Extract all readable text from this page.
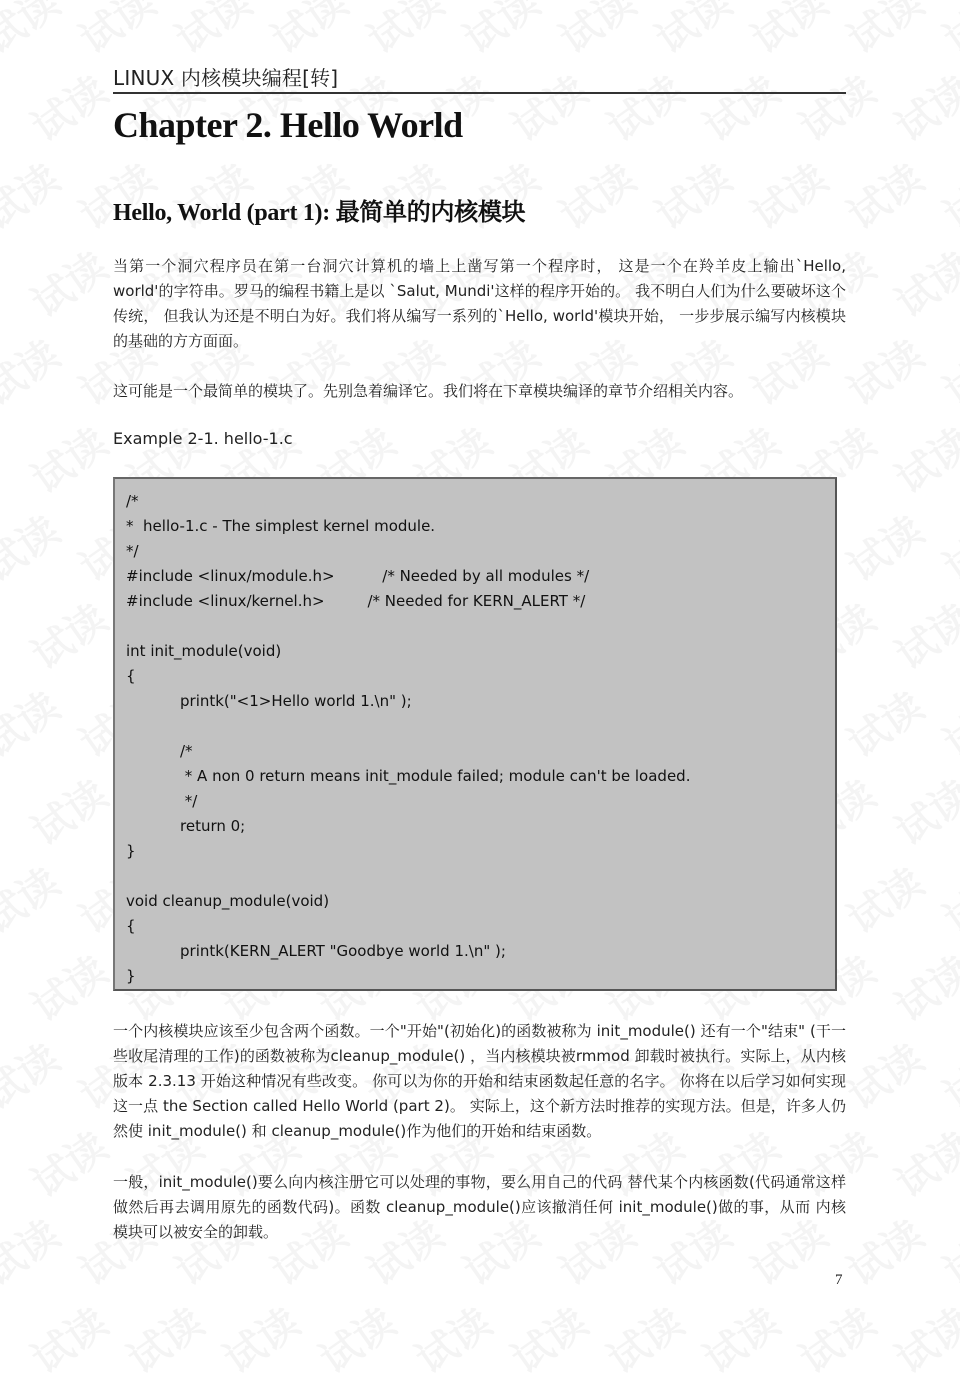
LINUX 内核模块编程[转]
Chapter 2. Hello World
Hello, World (part 1): 最简单的内核模块

当第一个洞穴程序员在第一台洞穴计算机的墙上上凿写第一个程序时， 这是一个在羚羊皮上输出`Hello, world'的字符串。罗马的编程书籍上是以 `Salut, Mundi'这样的程序开始的。 我不明白人们为什么要破坏这个传统， 但我认为还是不明白为好。我们将从编写一系列的`Hello, world'模块开始， 一步步展示编写内核模块的基础的方方面面。

这可能是一个最简单的模块了。先别急着编译它。我们将在下章模块编译的章节介绍相关内容。

Example 2-1. hello-1.c
/*
*  hello-1.c - The simplest kernel module.
*/
#include <linux/module.h>          /* Needed by all modules */
#include <linux/kernel.h>         /* Needed for KERN_ALERT */
int init_module(void)
{
printk("<1>Hello world 1.\n" );
/*
* A non 0 return means init_module failed; module can't be loaded.
*/
return 0;
}
void cleanup_module(void)
{
printk(KERN_ALERT "Goodbye world 1.\n" );
}

一个内核模块应该至少包含两个函数。一个"开始"(初始化)的函数被称为 init_module() 还有一个"结束" (干一些收尾清理的工作)的函数被称为cleanup_module() ，当内核模块被rmmod 卸载时被执行。实际上，从内核版本 2.3.13 开始这种情况有些改变。 你可以为你的开始和结束函数起任意的名字。 你将在以后学习如何实现这一点 the Section called Hello World (part 2)。 实际上，这个新方法时推荐的实现方法。但是，许多人仍然使 init_module() 和 cleanup_module()作为他们的开始和结束函数。

一般，init_module()要么向内核注册它可以处理的事物，要么用自己的代码 替代某个内核函数(代码通常这样做然后再去调用原先的函数代码)。函数 cleanup_module()应该撤消任何 init_module()做的事，从而 内核模块可以被安全的卸载。

7
